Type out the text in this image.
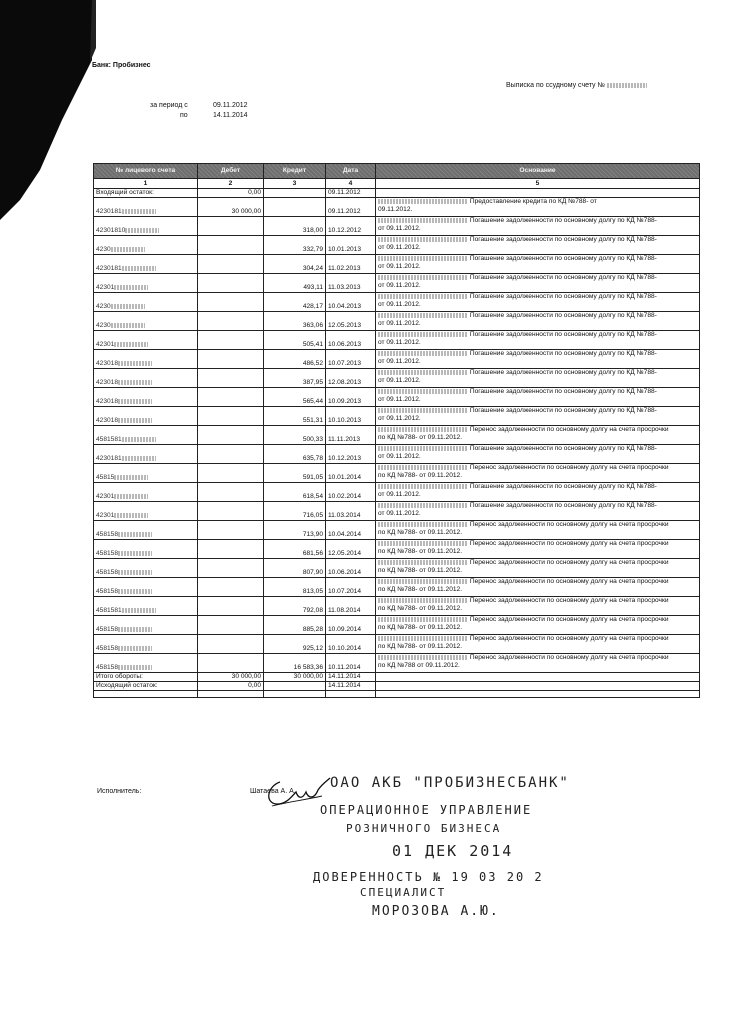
Банк: Пробизнес
Выписка по ссудному счету №
за период с	09.11.2012
по	14.11.2014
№ лицевого счета	Дебет	Кредит	Дата	Основание
1	2	3	4	5
Входящий остаток:	0,00		09.11.2012	
4230181	30 000,00		09.11.2012	Предоставление кредита по КД №788- от
09.11.2012.

42301810		318,00	10.12.2012	Погашение задолженности по основному долгу по КД №788-
от 09.11.2012.

4230		332,79	10.01.2013	Погашение задолженности по основному долгу по КД №788-
от 09.11.2012.

4230181		304,24	11.02.2013	Погашение задолженности по основному долгу по КД №788-
от 09.11.2012.

42301		493,11	11.03.2013	Погашение задолженности по основному долгу по КД №788-
от 09.11.2012.

4230		428,17	10.04.2013	Погашение задолженности по основному долгу по КД №788-
от 09.11.2012.

4230		363,06	12.05.2013	Погашение задолженности по основному долгу по КД №788-
от 09.11.2012.

42301		505,41	10.06.2013	Погашение задолженности по основному долгу по КД №788-
от 09.11.2012.

423018		486,52	10.07.2013	Погашение задолженности по основному долгу по КД №788-
от 09.11.2012.

423018		387,95	12.08.2013	Погашение задолженности по основному долгу по КД №788-
от 09.11.2012.

423018		565,44	10.09.2013	Погашение задолженности по основному долгу по КД №788-
от 09.11.2012.

423018		551,31	10.10.2013	Погашение задолженности по основному долгу по КД №788-
от 09.11.2012.

4581581		500,33	11.11.2013	Перенос задолженности по основному долгу на счета просрочки
по КД №788- от 09.11.2012.

4230181		635,78	10.12.2013	Погашение задолженности по основному долгу по КД №788-
от 09.11.2012.

45815		591,05	10.01.2014	Перенос задолженности по основному долгу на счета просрочки
по КД №788- от 09.11.2012.

42301		618,54	10.02.2014	Погашение задолженности по основному долгу по КД №788-
от 09.11.2012.

42301		716,05	11.03.2014	Погашение задолженности по основному долгу по КД №788-
от 09.11.2012.

458158		713,90	10.04.2014	Перенос задолженности по основному долгу на счета просрочки
по КД №788- от 09.11.2012.

458158		681,56	12.05.2014	Перенос задолженности по основному долгу на счета просрочки
по КД №788- от 09.11.2012.

458158		807,90	10.06.2014	Перенос задолженности по основному долгу на счета просрочки
по КД №788- от 09.11.2012.

458158		813,05	10.07.2014	Перенос задолженности по основному долгу на счета просрочки
по КД №788- от 09.11.2012.

4581581		792,08	11.08.2014	Перенос задолженности по основному долгу на счета просрочки
по КД №788- от 09.11.2012.

458158		885,28	10.09.2014	Перенос задолженности по основному долгу на счета просрочки
по КД №788- от 09.11.2012.

458158		925,12	10.10.2014	Перенос задолженности по основному долгу на счета просрочки
по КД №788- от 09.11.2012.

458158		16 583,36	10.11.2014	Перенос задолженности по основному долгу на счета просрочки
по КД №788 от 09.11.2012.

Итого обороты:	30 000,00	30 000,00	14.11.2014	
Исходящий остаток:	0,00		14.11.2014	

Исполнитель:	Шатаева А. А.
ОАО АКБ "ПРОБИЗНЕСБАНК"
ОПЕРАЦИОННОЕ УПРАВЛЕНИЕ
РОЗНИЧНОГО БИЗНЕСА
01 ДЕК 2014
ДОВЕРЕННОСТЬ № 19 03 20 2
СПЕЦИАЛИСТ
МОРОЗОВА А.Ю.
